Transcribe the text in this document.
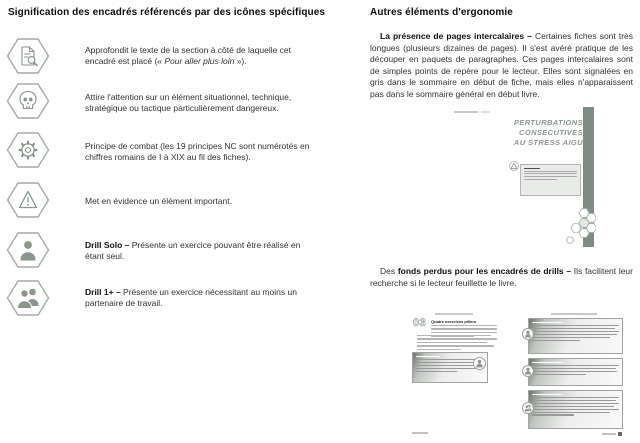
Signification des encadrés référencés par des icônes spécifiques

Approfondit le texte de la section à côté de laquelle cet encadré est placé (« Pour aller plus loin »).

Attire l'attention sur un élément situationnel, technique, stratégique ou tactique particulièrement dangereux.

Principe de combat (les 19 principes NC sont numérotés en chiffres romains de I à XIX au fil des fiches).

Met en évidence un élément important.

Drill Solo – Présente un exercice pouvant être réalisé en étant seul.

Drill 1+ – Présente un exercice nécessitant au moins un partenaire de travail.

Autres éléments d'ergonomie

La présence de pages intercalaires – Certaines fiches sont très longues (plusieurs dizaines de pages). Il s'est avéré pratique de les découper en paquets de paragraphes. Ces pages intercalaires sont de simples points de repère pour le lecteur. Elles sont signalées en gris dans le sommaire en début de fiche, mais elles n'apparaissent pas dans le sommaire général en début livre.

PERTURBATIONS
CONSECUTIVES
AU STRESS AIGU

Des fonds perdus pour les encadrés de drills – Ils facilitent leur recherche si le lecteur feuillette le livre.

03 Quatre exercices piliers
